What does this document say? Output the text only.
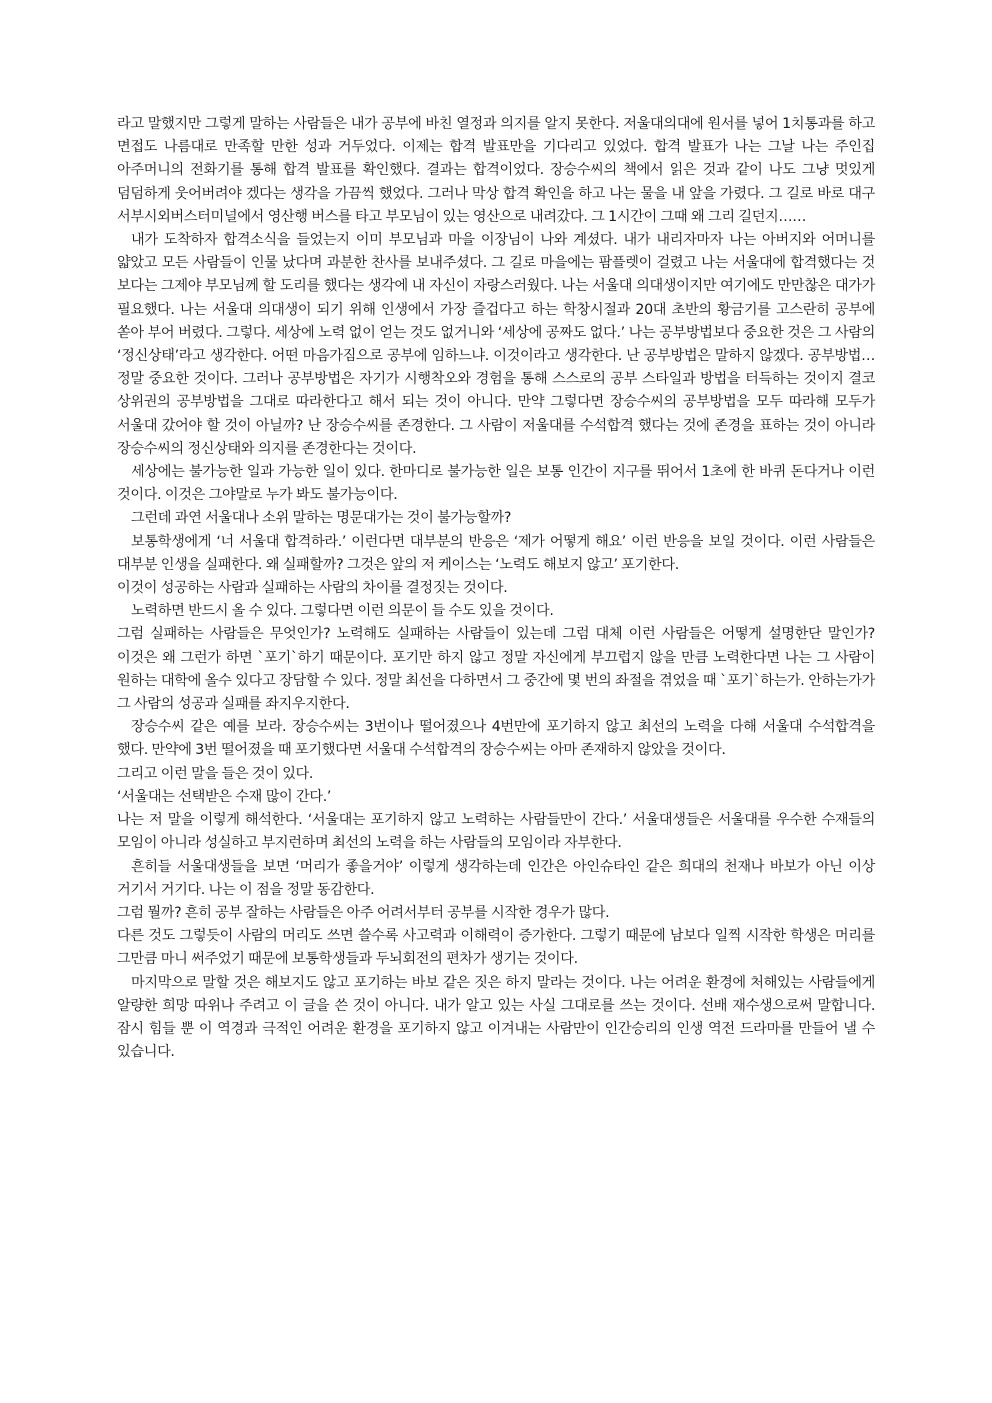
라고 말했지만 그렇게 말하는 사람들은 내가 공부에 바친 열정과 의지를 알지 못한다. 저울대의대에 원서를 넣어 1치통과를 하고 면접도 나름대로 만족할 만한 성과 거두었다. 이제는 합격 발표만을 기다리고 있었다. 합격 발표가 나는 그날 나는 주인집 아주머니의 전화기를 통해 합격 발표를 확인했다. 결과는 합격이었다. 장승수씨의 책에서 읽은 것과 같이 나도 그냥 멋있게 덤덤하게 웃어버려야 겠다는 생각을 가끔씩 했었다. 그러나 막상 합격 확인을 하고 나는 물을 내 앞을 가렸다. 그 길로 바로 대구 서부시외버스터미널에서 영산행 버스를 타고 부모님이 있는 영산으로 내려갔다. 그 1시간이 그때 왜 그리 길던지……

내가 도착하자 합격소식을 들었는지 이미 부모님과 마을 이장님이 나와 계셨다. 내가 내리자마자 나는 아버지와 어머니를 얇았고 모든 사람들이 인물 났다며 과분한 찬사를 보내주셨다. 그 길로 마을에는 팜플렛이 걸렸고 나는 서울대에 합격했다는 것 보다는 그제야 부모님께 할 도리를 했다는 생각에 내 자신이 자랑스러웠다. 나는 서울대 의대생이지만 여기에도 만만찮은 대가가 필요했다. 나는 서울대 의대생이 되기 위해 인생에서 가장 즐겁다고 하는 학창시절과 20대 초반의 황금기를 고스란히 공부에 쏟아 부어 버렸다. 그렇다. 세상에 노력 없이 얻는 것도 없거니와 ‘세상에 공짜도 없다.’ 나는 공부방법보다 중요한 것은 그 사람의 ‘정신상태’라고 생각한다. 어떤 마음가짐으로 공부에 임하느냐. 이것이라고 생각한다. 난 공부방법은 말하지 않겠다. 공부방법… 정말 중요한 것이다. 그러나 공부방법은 자기가 시행착오와 경험을 통해 스스로의 공부 스타일과 방법을 터득하는 것이지 결코 상위권의 공부방법을 그대로 따라한다고 해서 되는 것이 아니다. 만약 그렇다면 장승수씨의 공부방법을 모두 따라해 모두가 서울대 갔어야 할 것이 아닐까? 난 장승수씨를 존경한다. 그 사람이 저울대를 수석합격 했다는 것에 존경을 표하는 것이 아니라 장승수씨의 정신상태와 의지를 존경한다는 것이다.

세상에는 불가능한 일과 가능한 일이 있다. 한마디로 불가능한 일은 보통 인간이 지구를 뛰어서 1초에 한 바퀴 돈다거나 이런 것이다. 이것은 그야말로 누가 봐도 불가능이다.

그런데 과연 서울대나 소위 말하는 명문대가는 것이 불가능할까?

보통학생에게 ‘너 서울대 합격하라.’ 이런다면 대부분의 반응은 ‘제가 어떻게 해요’ 이런 반응을 보일 것이다. 이런 사람들은 대부분 인생을 실패한다. 왜 실패할까? 그것은 앞의 저 케이스는 ‘노력도 해보지 않고’ 포기한다.

이것이 성공하는 사람과 실패하는 사람의 차이를 결정짓는 것이다.

노력하면 반드시 올 수 있다. 그렇다면 이런 의문이 들 수도 있을 것이다.

그럼 실패하는 사람들은 무엇인가? 노력해도 실패하는 사람들이 있는데 그럼 대체 이런 사람들은 어떻게 설명한단 말인가? 이것은 왜 그런가 하면 `포기`하기 때문이다. 포기만 하지 않고 정말 자신에게 부끄럽지 않을 만큼 노력한다면 나는 그 사람이 원하는 대학에 올수 있다고 장담할 수 있다. 정말 최선을 다하면서 그 중간에 몇 번의 좌절을 겪었을 때 `포기`하는가. 안하는가가 그 사람의 성공과 실패를 좌지우지한다.

장승수씨 같은 예를 보라. 장승수씨는 3번이나 떨어졌으나 4번만에 포기하지 않고 최선의 노력을 다해 서울대 수석합격을 했다. 만약에 3번 떨어졌을 때 포기했다면 서울대 수석합격의 장승수씨는 아마 존재하지 않았을 것이다.

그리고 이런 말을 들은 것이 있다.

‘서울대는 선택받은 수재 많이 간다.’

나는 저 말을 이렇게 해석한다. ‘서울대는 포기하지 않고 노력하는 사람들만이 간다.’ 서울대생들은 서울대를 우수한 수재들의 모임이 아니라 성실하고 부지런하며 최선의 노력을 하는 사람들의 모임이라 자부한다.

흔히들 서울대생들을 보면 ‘머리가 좋을거야’ 이렇게 생각하는데 인간은 아인슈타인 같은 희대의 천재나 바보가 아닌 이상 거기서 거기다. 나는 이 점을 정말 동감한다.

그럼 뭘까? 흔히 공부 잘하는 사람들은 아주 어려서부터 공부를 시작한 경우가 많다.

다른 것도 그렇듯이 사람의 머리도 쓰면 쓸수록 사고력과 이해력이 증가한다. 그렇기 때문에 남보다 일찍 시작한 학생은 머리를 그만큼 마니 써주었기 때문에 보통학생들과 두뇌회전의 편차가 생기는 것이다.

마지막으로 말할 것은 해보지도 않고 포기하는 바보 같은 짓은 하지 말라는 것이다. 나는 어려운 환경에 처해있는 사람들에게 알량한 희망 따위나 주려고 이 글을 쓴 것이 아니다. 내가 알고 있는 사실 그대로를 쓰는 것이다. 선배 재수생으로써 말합니다. 잠시 힘들 뿐 이 역경과 극적인 어려운 환경을 포기하지 않고 이겨내는 사람만이 인간승리의 인생 역전 드라마를 만들어 낼 수 있습니다.
